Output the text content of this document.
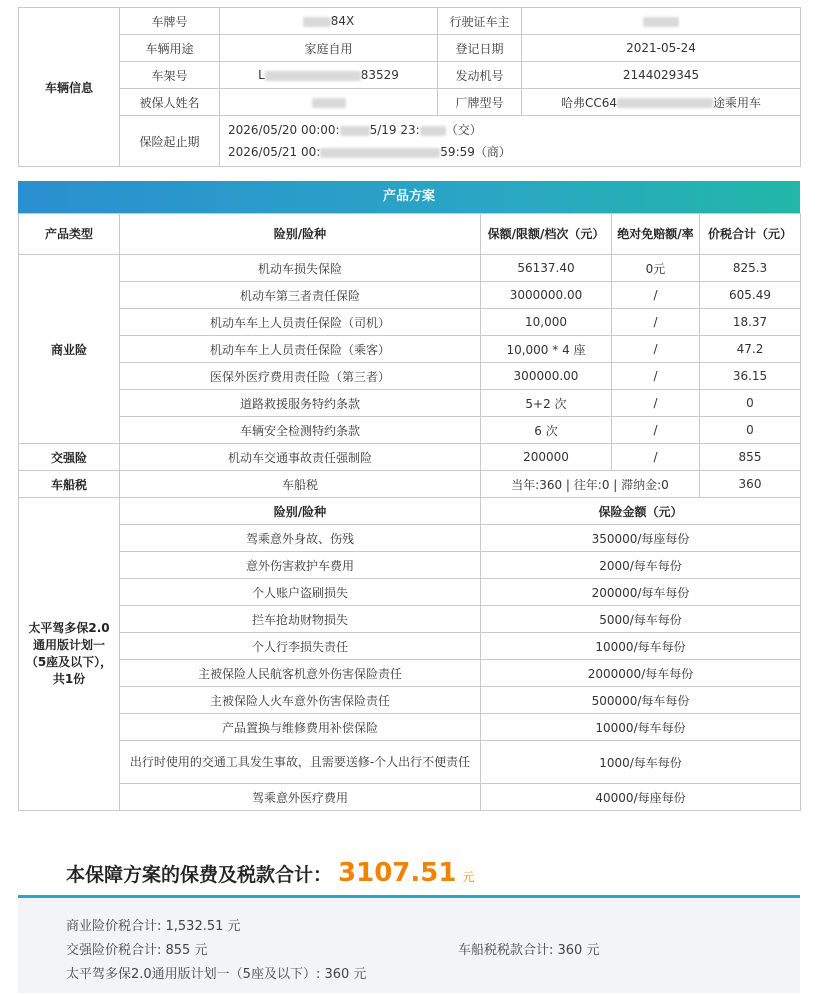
车辆信息	车牌号	84X	行驶证车主	
	车辆用途	家庭自用	登记日期	2021-05-24
	车架号	L 83529	发动机号	2144029345
	被保人姓名		厂牌型号	哈弗CC64 途乘用车
	保险起止期	2026/05/20 00:00: 5/19 23: （交）
2026/05/21 00: 59:59（商）		
产品方案
产品类型	险别/险种	保额/限额/档次（元）	绝对免赔额/率	价税合计（元）
商业险	机动车损失保险	56137.40	0元	825.3
	机动车第三者责任保险	3000000.00	/	605.49
	机动车车上人员责任保险（司机）	10,000	/	18.37
	机动车车上人员责任保险（乘客）	10,000 * 4 座	/	47.2
	医保外医疗费用责任险（第三者）	300000.00	/	36.15
	道路救援服务特约条款	5+2 次	/	0
	车辆安全检测特约条款	6 次	/	0
交强险	机动车交通事故责任强制险	200000	/	855
车船税	车船税	当年:360 | 往年:0 | 滞纳金:0		360
太平驾多保2.0通用版计划一（5座及以下），共1份	险别/险种	保险金额（元）		
	驾乘意外身故、伤残	350000/每座每份		
	意外伤害救护车费用	2000/每车每份		
	个人账户盗刷损失	200000/每车每份		
	拦车抢劫财物损失	5000/每车每份		
	个人行李损失责任	10000/每车每份		
	主被保险人民航客机意外伤害保险责任	2000000/每车每份		
	主被保险人火车意外伤害保险责任	500000/每车每份		
	产品置换与维修费用补偿保险	10000/每车每份		
	出行时使用的交通工具发生事故，且需要送修-个人出行不便责任	1000/每车每份		
	驾乘意外医疗费用	40000/每座每份		
本保障方案的保费及税款合计： 3107.51 元
商业险价税合计: 1,532.51 元
交强险价税合计: 855 元	车船税税款合计: 360 元
太平驾多保2.0通用版计划一（5座及以下）: 360 元
